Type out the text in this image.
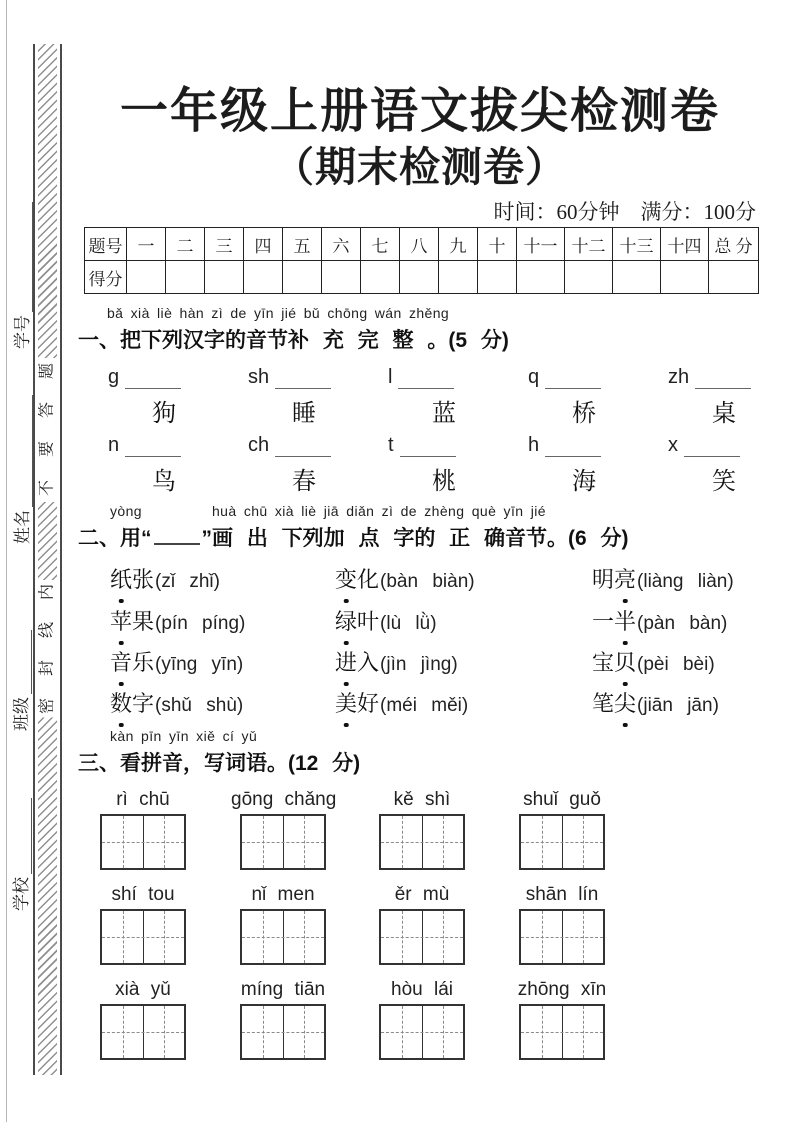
学号
姓名
班级
学校
题
答
要
不
内
线
封
密
一年级上册语文拔尖检测卷
（期末检测卷）
时间：60分钟　满分：100分
题号	一	二	三	四	五	六	七	八	九	十	十一	十二	十三	十四	总 分
得分															
bǎ xià liè hàn zì de yīn jié bǔ chōng wán zhěng
一、把下列汉字的音节补 充 完 整 。(5 分)
g
狗
sh
睡
l
蓝
q
桥
zh
桌
n
鸟
ch
春
t
桃
h
海
x
笑
yòng	huà chū xià liè jiā diǎn zì de zhèng què yīn jié
二、用“ ”画 出 下列加 点 字的 正 确音节。(6 分)
纸张(zǐ zhǐ)	变化(bàn biàn)	明亮(liàng liàn)
苹果(pín píng)	绿叶(lù lǜ)	一半(pàn bàn)
音乐(yīng yīn)	进入(jìn jìng)	宝贝(pèi bèi)
数字(shǔ shù)	美好(méi měi)	笔尖(jiān jān)
kàn pīn yīn xiě cí yǔ
三、看拼音，写词语。(12 分)
rì chū	gōng chǎng	kě shì	shuǐ guǒ
shí tou	nǐ men	ěr mù	shān lín
xià yǔ	míng tiān	hòu lái	zhōng xīn
